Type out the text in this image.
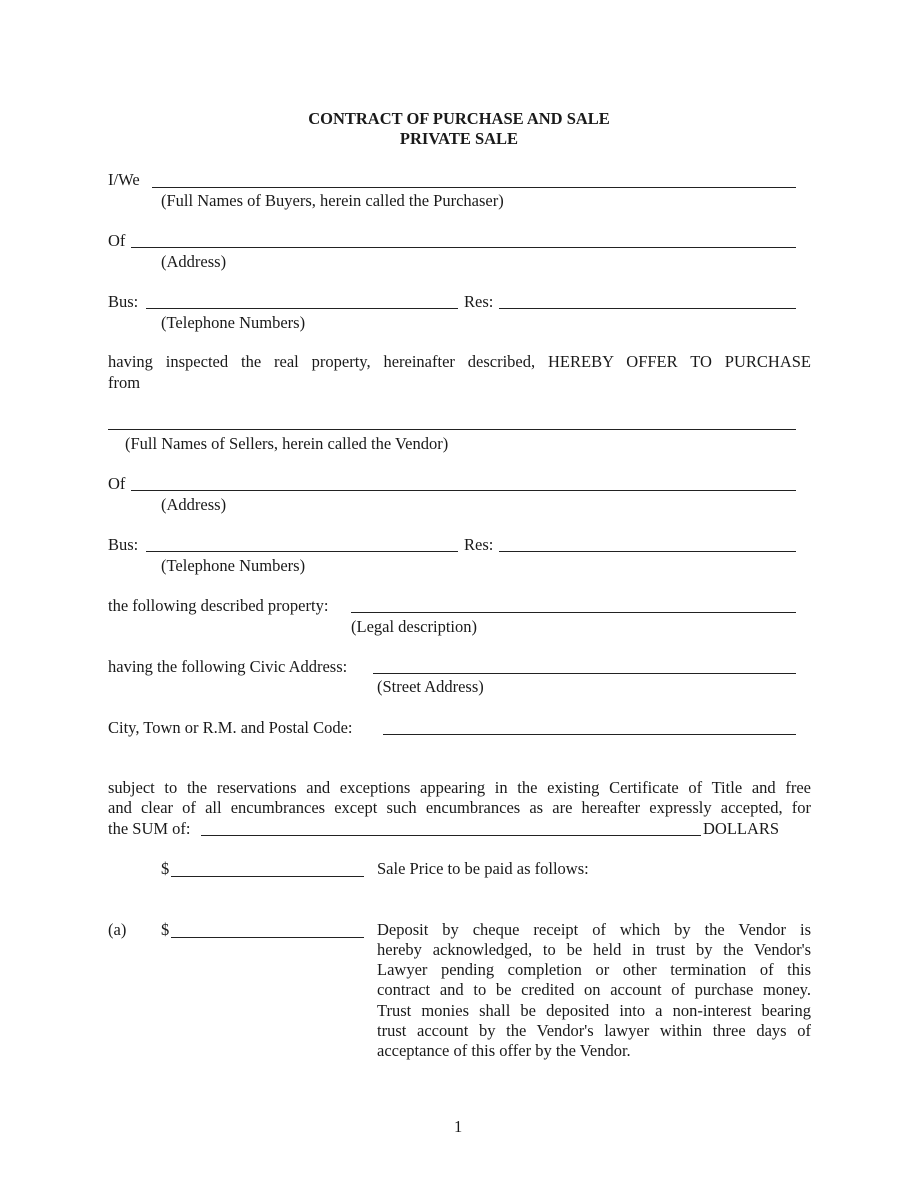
CONTRACT OF PURCHASE AND SALE
PRIVATE SALE
I/We
(Full Names of Buyers, herein called the Purchaser)
Of
(Address)
Bus:	Res:
(Telephone Numbers)
having inspected the real property, hereinafter described, HEREBY OFFER TO PURCHASE
from
(Full Names of Sellers, herein called the Vendor)
Of
(Address)
Bus:	Res:
(Telephone Numbers)
the following described property:
(Legal description)
having the following Civic Address:
(Street Address)
City, Town or R.M. and Postal Code:
subject to the reservations and exceptions appearing in the existing Certificate of Title and free
and clear of all encumbrances except such encumbrances as are hereafter expressly accepted, for
the SUM of:	DOLLARS
$	Sale Price to be paid as follows:
(a) $	Deposit by cheque receipt of which by the Vendor is
hereby acknowledged, to be held in trust by the Vendor's
Lawyer pending completion or other termination of this
contract and to be credited on account of purchase money.
Trust monies shall be deposited into a non-interest bearing
trust account by the Vendor's lawyer within three days of
acceptance of this offer by the Vendor.
1
